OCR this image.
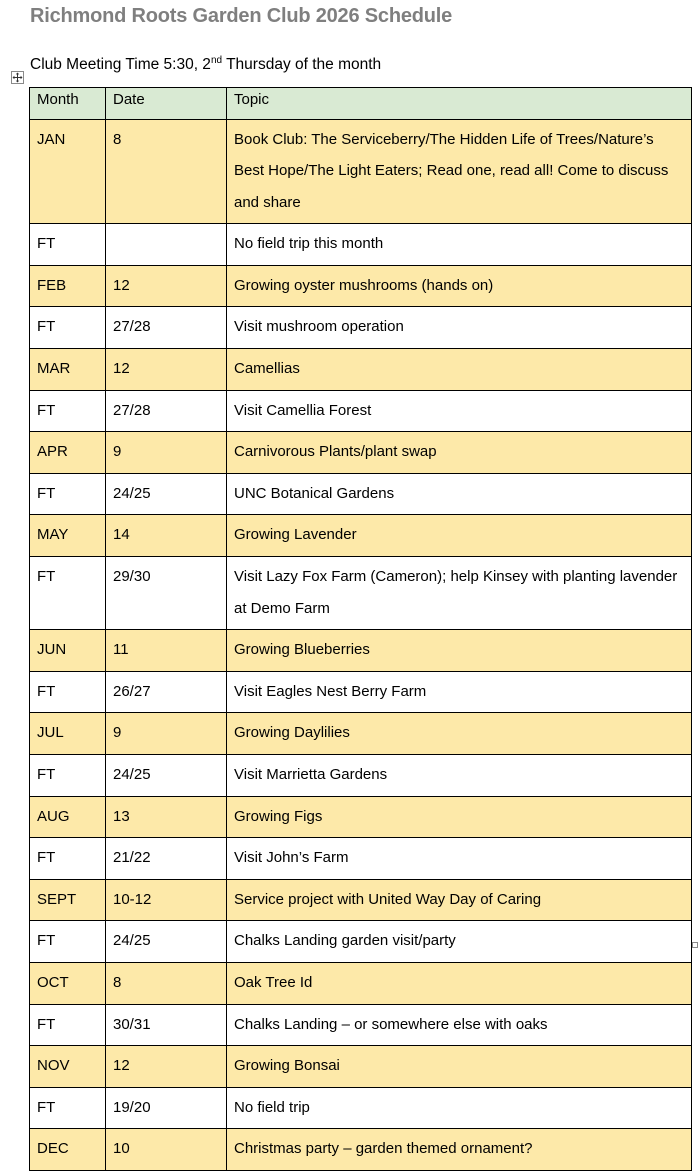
Richmond Roots Garden Club 2026 Schedule
Club Meeting Time 5:30, 2nd Thursday of the month
Month	Date	Topic
JAN	8	Book Club: The Serviceberry/The Hidden Life of Trees/Nature’s Best Hope/The Light Eaters; Read one, read all! Come to discuss and share
FT		No field trip this month
FEB	12	Growing oyster mushrooms (hands on)
FT	27/28	Visit mushroom operation
MAR	12	Camellias
FT	27/28	Visit Camellia Forest
APR	9	Carnivorous Plants/plant swap
FT	24/25	UNC Botanical Gardens
MAY	14	Growing Lavender
FT	29/30	Visit Lazy Fox Farm (Cameron); help Kinsey with planting lavender at Demo Farm
JUN	11	Growing Blueberries
FT	26/27	Visit Eagles Nest Berry Farm
JUL	9	Growing Daylilies
FT	24/25	Visit Marrietta Gardens
AUG	13	Growing Figs
FT	21/22	Visit John’s Farm
SEPT	10-12	Service project with United Way Day of Caring
FT	24/25	Chalks Landing garden visit/party
OCT	8	Oak Tree Id
FT	30/31	Chalks Landing – or somewhere else with oaks
NOV	12	Growing Bonsai
FT	19/20	No field trip
DEC	10	Christmas party – garden themed ornament?
